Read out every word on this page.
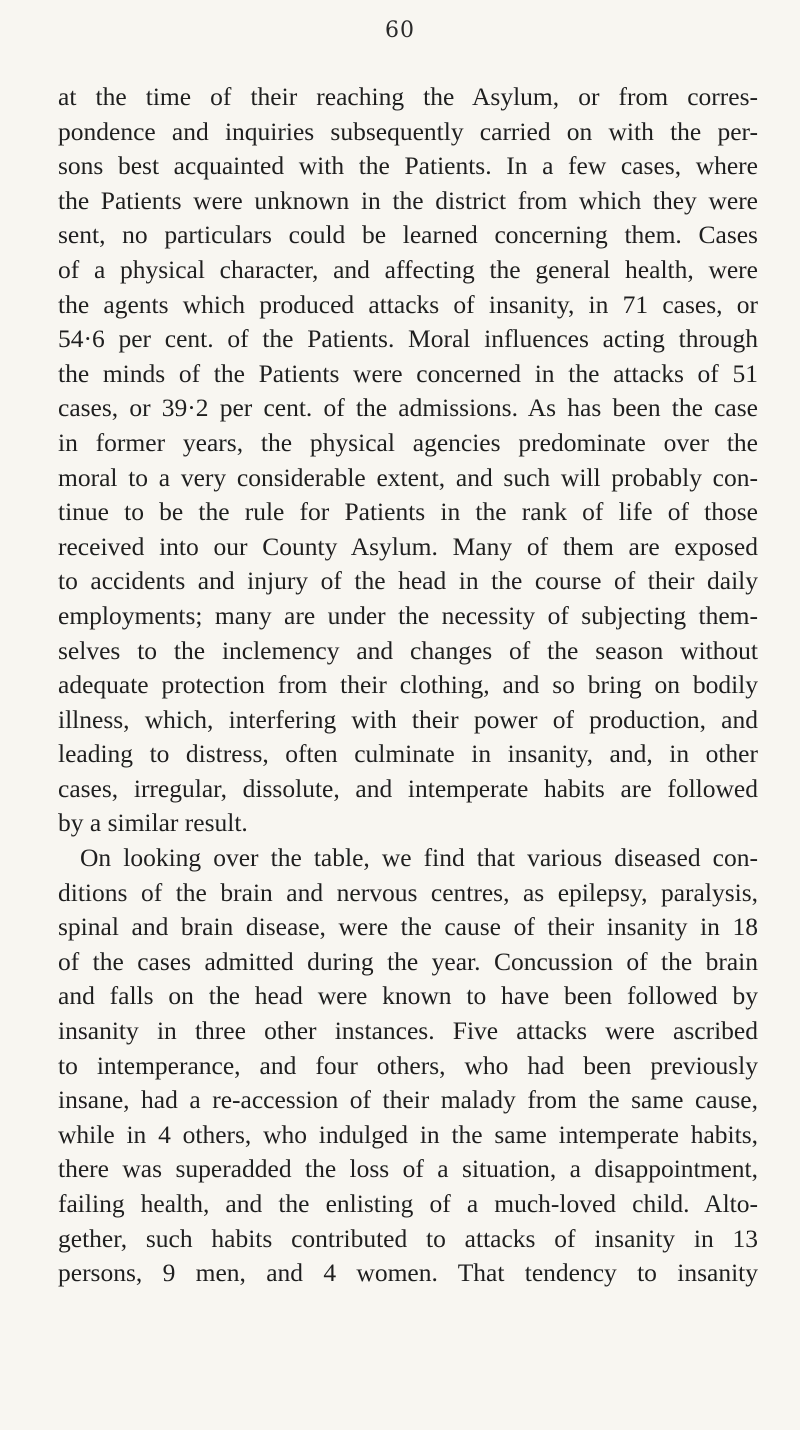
60
at the time of their reaching the Asylum, or from corres-
pondence and inquiries subsequently carried on with the per-
sons best acquainted with the Patients. In a few cases, where
the Patients were unknown in the district from which they were
sent, no particulars could be learned concerning them. Cases
of a physical character, and affecting the general health, were
the agents which produced attacks of insanity, in 71 cases, or
54·6 per cent. of the Patients. Moral influences acting through
the minds of the Patients were concerned in the attacks of 51
cases, or 39·2 per cent. of the admissions. As has been the case
in former years, the physical agencies predominate over the
moral to a very considerable extent, and such will probably con-
tinue to be the rule for Patients in the rank of life of those
received into our County Asylum. Many of them are exposed
to accidents and injury of the head in the course of their daily
employments; many are under the necessity of subjecting them-
selves to the inclemency and changes of the season without
adequate protection from their clothing, and so bring on bodily
illness, which, interfering with their power of production, and
leading to distress, often culminate in insanity, and, in other
cases, irregular, dissolute, and intemperate habits are followed
by a similar result.
On looking over the table, we find that various diseased con-
ditions of the brain and nervous centres, as epilepsy, paralysis,
spinal and brain disease, were the cause of their insanity in 18
of the cases admitted during the year. Concussion of the brain
and falls on the head were known to have been followed by
insanity in three other instances. Five attacks were ascribed
to intemperance, and four others, who had been previously
insane, had a re-accession of their malady from the same cause,
while in 4 others, who indulged in the same intemperate habits,
there was superadded the loss of a situation, a disappointment,
failing health, and the enlisting of a much-loved child. Alto-
gether, such habits contributed to attacks of insanity in 13
persons, 9 men, and 4 women. That tendency to insanity
